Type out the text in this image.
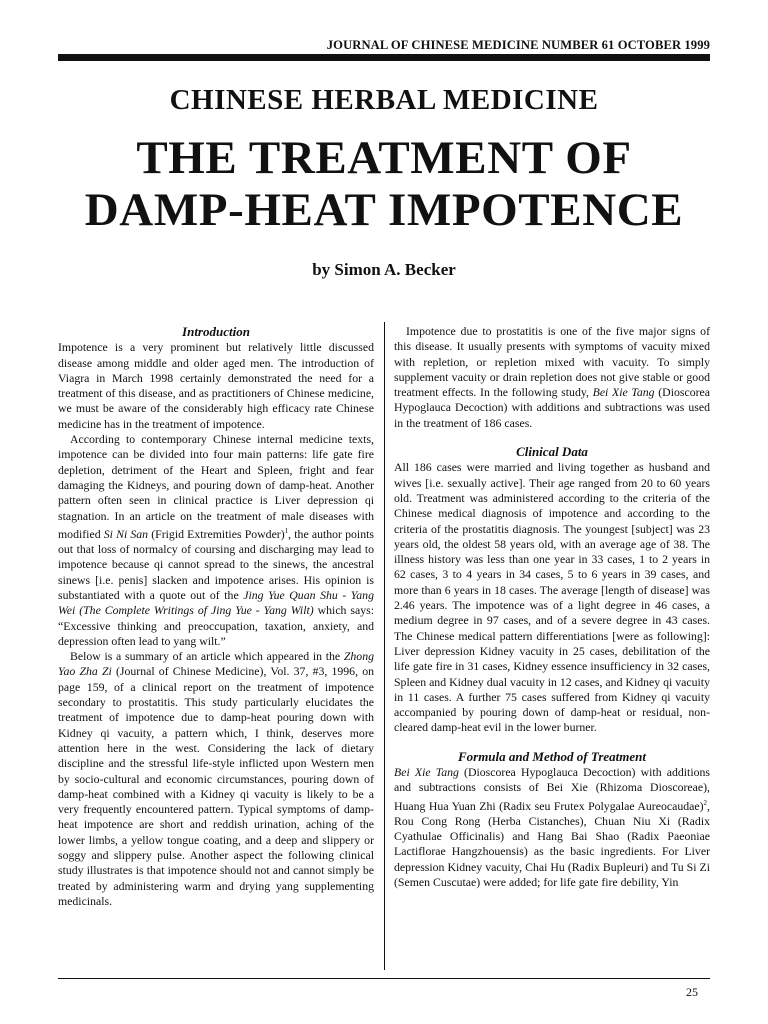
JOURNAL OF CHINESE MEDICINE NUMBER 61 OCTOBER 1999
CHINESE HERBAL MEDICINE
THE TREATMENT OF
DAMP-HEAT IMPOTENCE
by Simon A. Becker
Introduction

Impotence is a very prominent but relatively little discussed disease among middle and older aged men. The introduction of Viagra in March 1998 certainly demonstrated the need for a treatment of this disease, and as practitioners of Chinese medicine, we must be aware of the considerably high efficacy rate Chinese medicine has in the treatment of impotence.

According to contemporary Chinese internal medicine texts, impotence can be divided into four main patterns: life gate fire depletion, detriment of the Heart and Spleen, fright and fear damaging the Kidneys, and pouring down of damp-heat. Another pattern often seen in clinical practice is Liver depression qi stagnation. In an article on the treatment of male diseases with modified Si Ni San (Frigid Extremities Powder)$^1$, the author points out that loss of normalcy of coursing and discharging may lead to impotence because qi cannot spread to the sinews, the ancestral sinews [i.e. penis] slacken and impotence arises. His opinion is substantiated with a quote out of the Jing Yue Quan Shu - Yang Wei (The Complete Writings of Jing Yue - Yang Wilt) which says: “Excessive thinking and preoccupation, taxation, anxiety, and depression often lead to yang wilt.”

Below is a summary of an article which appeared in the Zhong Yao Zha Zi (Journal of Chinese Medicine), Vol. 37, #3, 1996, on page 159, of a clinical report on the treatment of impotence secondary to prostatitis. This study particularly elucidates the treatment of impotence due to damp-heat pouring down with Kidney qi vacuity, a pattern which, I think, deserves more attention here in the west. Considering the lack of dietary discipline and the stressful life-style inflicted upon Western men by socio-cultural and economic circumstances, pouring down of damp-heat combined with a Kidney qi vacuity is likely to be a very frequently encountered pattern. Typical symptoms of damp-heat impotence are short and reddish urination, aching of the lower limbs, a yellow tongue coating, and a deep and slippery or soggy and slippery pulse. Another aspect the following clinical study illustrates is that impotence should not and cannot simply be treated by administering warm and drying yang supplementing medicinals.

Impotence due to prostatitis is one of the five major signs of this disease. It usually presents with symptoms of vacuity mixed with repletion, or repletion mixed with vacuity. To simply supplement vacuity or drain repletion does not give stable or good treatment effects. In the following study, Bei Xie Tang (Dioscorea Hypoglauca Decoction) with additions and subtractions was used in the treatment of 186 cases.

Clinical Data

All 186 cases were married and living together as husband and wives [i.e. sexually active]. Their age ranged from 20 to 60 years old. Treatment was administered according to the criteria of the Chinese medical diagnosis of impotence and according to the criteria of the prostatitis diagnosis. The youngest [subject] was 23 years old, the oldest 58 years old, with an average age of 38. The illness history was less than one year in 33 cases, 1 to 2 years in 62 cases, 3 to 4 years in 34 cases, 5 to 6 years in 39 cases, and more than 6 years in 18 cases. The average [length of disease] was 2.46 years. The impotence was of a light degree in 46 cases, a medium degree in 97 cases, and of a severe degree in 43 cases. The Chinese medical pattern differentiations [were as following]: Liver depression Kidney vacuity in 25 cases, debilitation of the life gate fire in 31 cases, Kidney essence insufficiency in 32 cases, Spleen and Kidney dual vacuity in 12 cases, and Kidney qi vacuity in 11 cases. A further 75 cases suffered from Kidney qi vacuity accompanied by pouring down of damp-heat or residual, non-cleared damp-heat evil in the lower burner.

Formula and Method of Treatment

Bei Xie Tang (Dioscorea Hypoglauca Decoction) with additions and subtractions consists of Bei Xie (Rhizoma Dioscoreae), Huang Hua Yuan Zhi (Radix seu Frutex Polygalae Aureocaudae)$^2$, Rou Cong Rong (Herba Cistanches), Chuan Niu Xi (Radix Cyathulae Officinalis) and Hang Bai Shao (Radix Paeoniae Lactiflorae Hangzhouensis) as the basic ingredients. For Liver depression Kidney vacuity, Chai Hu (Radix Bupleuri) and Tu Si Zi (Semen Cuscutae) were added; for life gate fire debility, Yin

25
